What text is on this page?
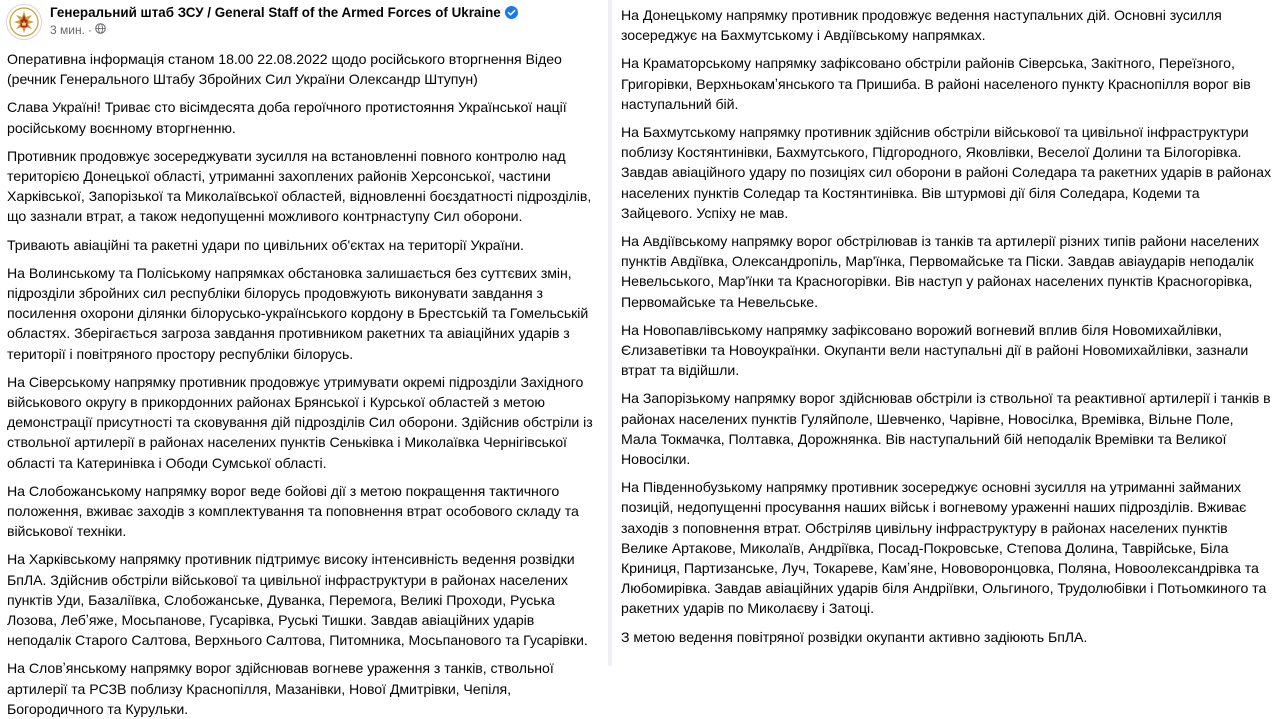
Генеральний штаб ЗСУ / General Staff of the Armed Forces of Ukraine
3 мин. ·

Оперативна інформація станом 18.00 22.08.2022 щодо російського вторгнення Відео (речник Генерального Штабу Збройних Сил України Олександр Штупун)

Слава Україні! Триває сто вісімдесята доба героїчного протистояння Української нації російському воєнному вторгненню.

Противник продовжує зосереджувати зусилля на встановленні повного контролю над територією Донецької області, утриманні захоплених районів Херсонської, частини Харківської, Запорізької та Миколаївської областей, відновленні боєздатності підрозділів, що зазнали втрат, а також недопущенні можливого контрнаступу Сил оборони.

Тривають авіаційні та ракетні удари по цивільних об'єктах на території України.

На Волинському та Поліському напрямках обстановка залишається без суттєвих змін, підрозділи збройних сил республіки білорусь продовжують виконувати завдання з посилення охорони ділянки білорусько-українського кордону в Брестській та Гомельській областях. Зберігається загроза завдання противником ракетних та авіаційних ударів з території і повітряного простору республіки білорусь.

На Сіверському напрямку противник продовжує утримувати окремі підрозділи Західного військового округу в прикордонних районах Брянської і Курської областей з метою демонстрації присутності та сковування дій підрозділів Сил оборони. Здійснив обстріли із ствольної артилерії в районах населених пунктів Сеньківка і Миколаївка Чернігівської області та Катеринівка і Ободи Сумської області.

На Слобожанському напрямку ворог веде бойові дії з метою покращення тактичного положення, вживає заходів з комплектування та поповнення втрат особового складу та військової техніки.

На Харківському напрямку противник підтримує високу інтенсивність ведення розвідки БпЛА. Здійснив обстріли військової та цивільної інфраструктури в районах населених пунктів Уди, Базаліївка, Слобожанське, Дуванка, Перемога, Великі Проходи, Руська Лозова, Лебʼяже, Мосьпанове, Гусарівка, Руські Тишки. Завдав авіаційних ударів неподалік Старого Салтова, Верхнього Салтова, Питомника, Мосьпанового та Гусарівки.

На Словʼянському напрямку ворог здійснював вогневе ураження з танків, ствольної артилерії та РСЗВ поблизу Краснопілля, Мазанівки, Нової Дмитрівки, Чепіля, Богородичного та Курульки.

На Донецькому напрямку противник продовжує ведення наступальних дій. Основні зусилля зосереджує на Бахмутському і Авдіївському напрямках.

На Краматорському напрямку зафіксовано обстріли районів Сіверська, Закітного, Переїзного, Григорівки, Верхньокамʼянського та Пришиба. В районі населеного пункту Краснопілля ворог вів наступальний бій.

На Бахмутському напрямку противник здійснив обстріли військової та цивільної інфраструктури поблизу Костянтинівки, Бахмутського, Підгородного, Яковлівки, Веселої Долини та Білогорівка. Завдав авіаційного удару по позиціях сил оборони в районі Соледара та ракетних ударів в районах населених пунктів Соледар та Костянтинівка. Вів штурмові дії біля Соледара, Кодеми та Зайцевого. Успіху не мав.

На Авдіївському напрямку ворог обстрілював із танків та артилерії різних типів райони населених пунктів Авдіївка, Олександропіль, Мар'їнка, Первомайське та Піски. Завдав авіаударів неподалік Невельського, Мар'їнки та Красногорівки. Вів наступ у районах населених пунктів Красногорівка, Первомайське та Невельське.

На Новопавлівському напрямку зафіксовано ворожий вогневий вплив біля Новомихайлівки, Єлизаветівки та Новоукраїнки. Окупанти вели наступальні дії в районі Новомихайлівки, зазнали втрат та відійшли.

На Запорізькому напрямку ворог здійснював обстріли із ствольної та реактивної артилерії і танків в районах населених пунктів Гуляйполе, Шевченко, Чарівне, Новосілка, Времівка, Вільне Поле, Мала Токмачка, Полтавка, Дорожнянка. Вів наступальний бій неподалік Времівки та Великої Новосілки.

На Південнобузькому напрямку противник зосереджує основні зусилля на утриманні займаних позицій, недопущенні просування наших військ і вогневому ураженні наших підрозділів. Вживає заходів з поповнення втрат. Обстріляв цивільну інфраструктуру в районах населених пунктів Велике Артакове, Миколаїв, Андріївка, Посад-Покровське, Степова Долина, Таврійське, Біла Криниця, Партизанське, Луч, Токареве, Камʼяне, Нововоронцовка, Поляна, Новоолександрівка та Любомирівка. Завдав авіаційних ударів біля Андріївки, Ольгиного, Трудолюбівки і Потьомкиного та ракетних ударів по Миколаєву і Затоці.

З метою ведення повітряної розвідки окупанти активно задіюють БпЛА.
